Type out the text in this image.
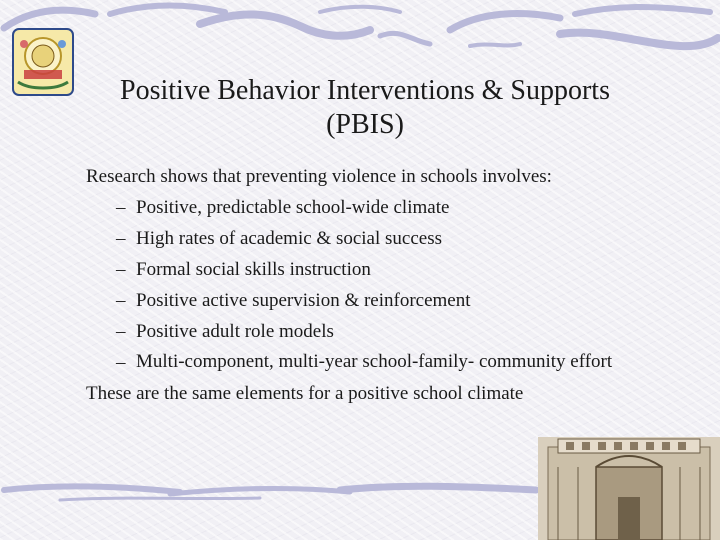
Positive Behavior Interventions & Supports
(PBIS)
Research shows that preventing violence in schools involves:
– Positive, predictable school-wide climate
– High rates of academic & social success
– Formal social skills instruction
– Positive active supervision & reinforcement
– Positive adult role models
– Multi-component, multi-year school-family- community effort
These are the same elements for a positive school climate
